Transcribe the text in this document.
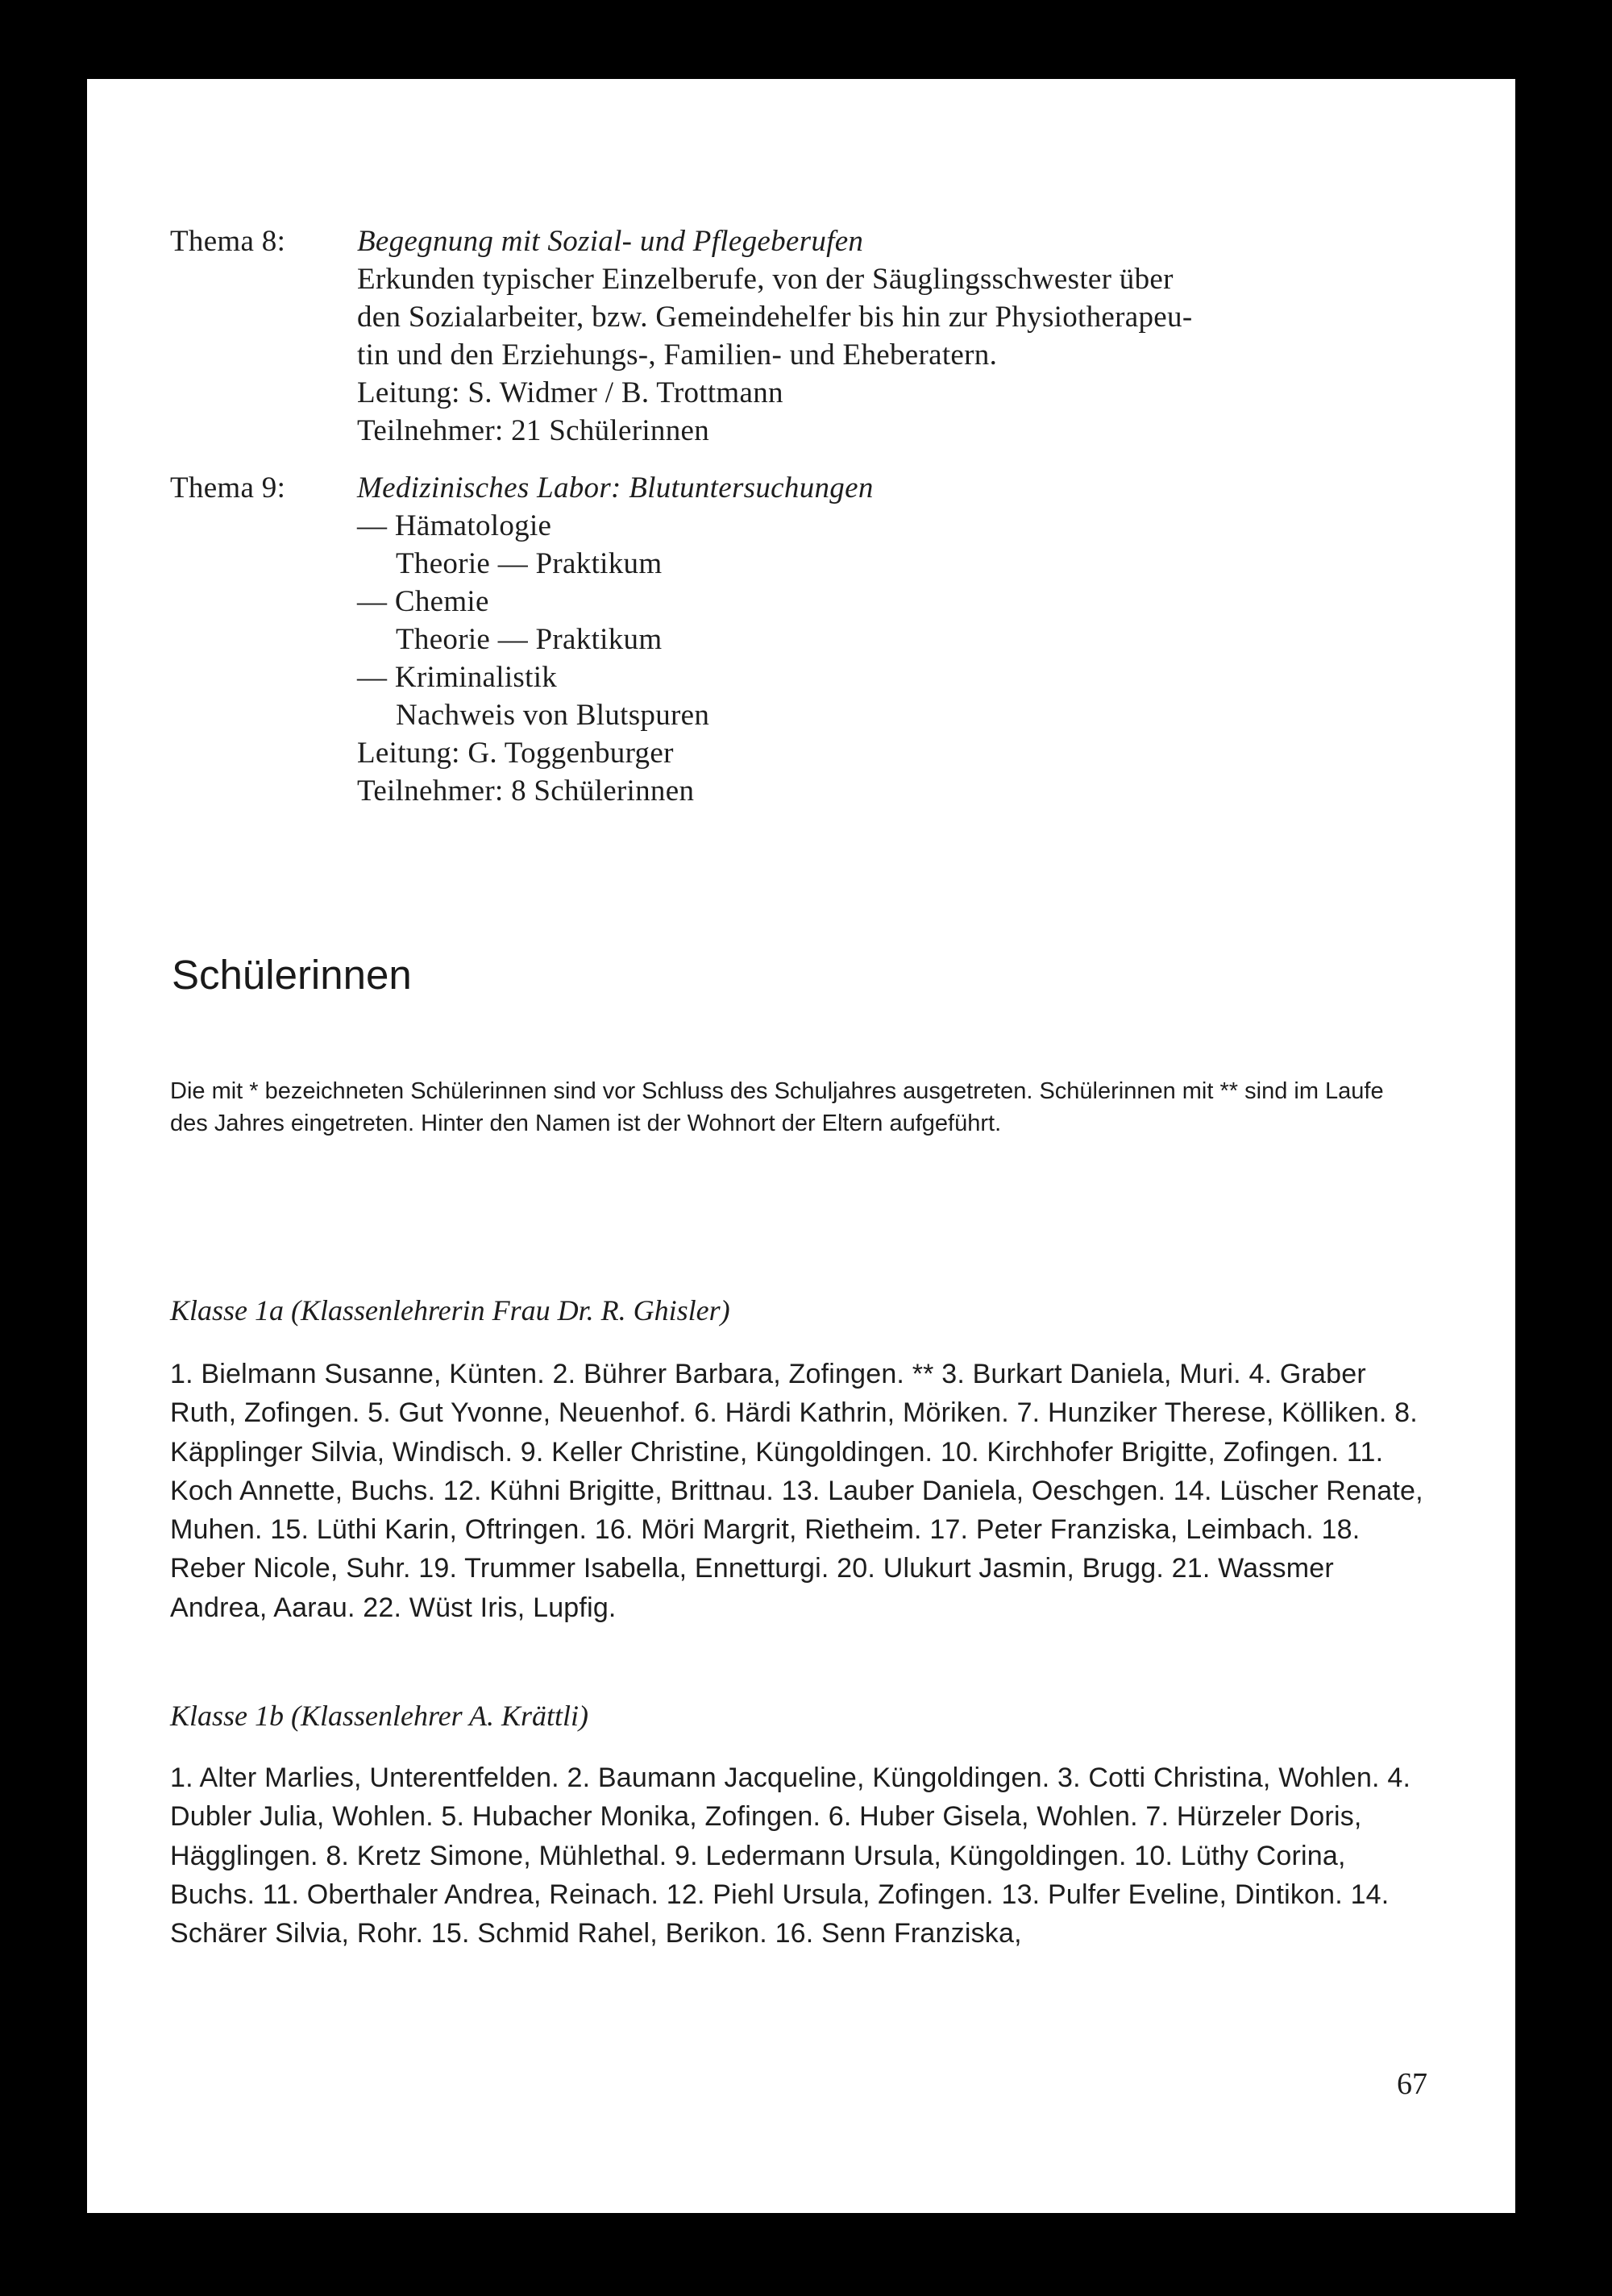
Thema 8:	Begegnung mit Sozial- und Pflegeberufen
Erkunden typischer Einzelberufe, von der Säuglingsschwester über
den Sozialarbeiter, bzw. Gemeindehelfer bis hin zur Physiotherapeu-
tin und den Erziehungs-, Familien- und Eheberatern.
Leitung: S. Widmer / B. Trottmann
Teilnehmer: 21 Schülerinnen
Thema 9:	Medizinisches Labor: Blutuntersuchungen
— Hämatologie
Theorie — Praktikum
— Chemie
Theorie — Praktikum
— Kriminalistik
Nachweis von Blutspuren
Leitung: G. Toggenburger
Teilnehmer: 8 Schülerinnen
Schülerinnen

Die mit * bezeichneten Schülerinnen sind vor Schluss des Schuljahres ausgetreten. Schülerinnen mit ** sind im Laufe des Jahres eingetreten. Hinter den Namen ist der Wohnort der Eltern aufgeführt.

Klasse 1a (Klassenlehrerin Frau Dr. R. Ghisler)

1. Bielmann Susanne, Künten. 2. Bührer Barbara, Zofingen. ** 3. Burkart Daniela, Muri. 4. Graber Ruth, Zofingen. 5. Gut Yvonne, Neuenhof. 6. Härdi Kathrin, Möriken. 7. Hunziker Therese, Kölliken. 8. Käpplinger Silvia, Windisch. 9. Keller Christine, Küngoldingen. 10. Kirchhofer Brigitte, Zofingen. 11. Koch Annette, Buchs. 12. Kühni Brigitte, Brittnau. 13. Lauber Daniela, Oeschgen. 14. Lüscher Renate, Muhen. 15. Lüthi Karin, Oftringen. 16. Möri Margrit, Rietheim. 17. Peter Franziska, Leimbach. 18. Reber Nicole, Suhr. 19. Trummer Isabella, Ennetturgi. 20. Ulukurt Jasmin, Brugg. 21. Wassmer Andrea, Aarau. 22. Wüst Iris, Lupfig.

Klasse 1b (Klassenlehrer A. Krättli)

1. Alter Marlies, Unterentfelden. 2. Baumann Jacqueline, Küngoldingen. 3. Cotti Christina, Wohlen. 4. Dubler Julia, Wohlen. 5. Hubacher Monika, Zofingen. 6. Huber Gisela, Wohlen. 7. Hürzeler Doris, Hägglingen. 8. Kretz Simone, Mühlethal. 9. Ledermann Ursula, Küngoldingen. 10. Lüthy Corina, Buchs. 11. Oberthaler Andrea, Reinach. 12. Piehl Ursula, Zofingen. 13. Pulfer Eveline, Dintikon. 14. Schärer Silvia, Rohr. 15. Schmid Rahel, Berikon. 16. Senn Franziska,

67
